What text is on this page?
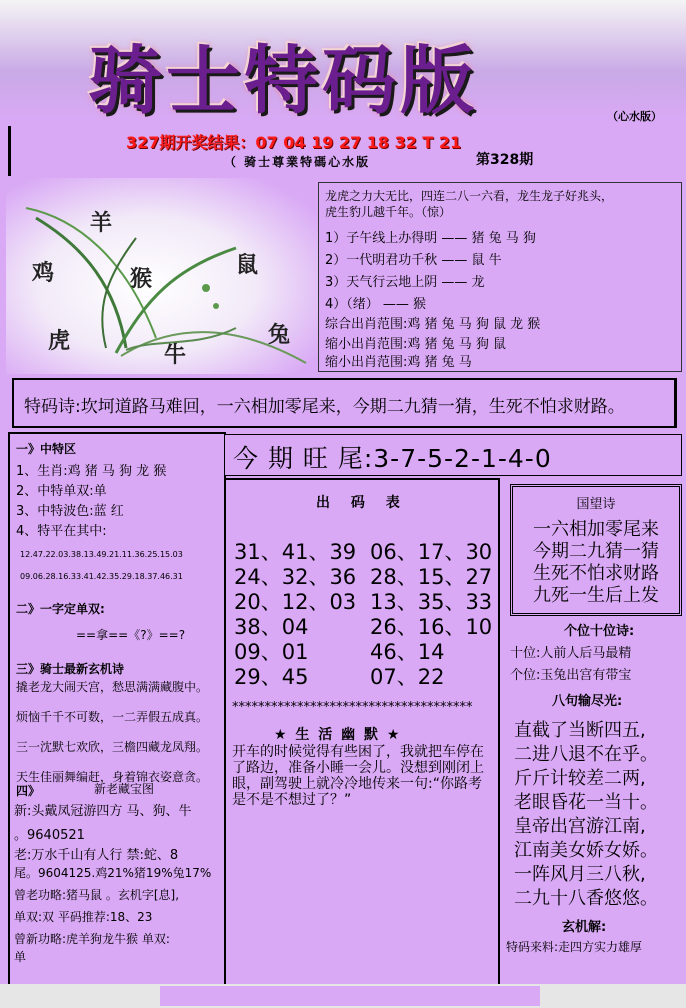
骑 士 特 码 版	（心水版）
327期开奖结果：07 04 19 27 18 32 T 21
（ 骑士尊業特碼心水版	第328期
羊
鸡	猴
鼠
虎
牛
兔
龙虎之力大无比，四连二八一六看，龙生龙子好兆头，
虎生豹儿越千年。（惊）
1）子午线上办得明 —— 猪 兔 马 狗
2）一代明君功千秋 —— 鼠 牛
3）天气行云地上阴 —— 龙
4）（绪） —— 猴
综合出肖范围:鸡 猪 兔 马 狗 鼠 龙 猴
缩小出肖范围:鸡 猪 兔 马 狗 鼠
缩小出肖范围:鸡 猪 兔 马
特码诗:坎坷道路马难回，一六相加零尾来，今期二九猜一猜，生死不怕求财路。
一》中特区
1、生肖:鸡 猪 马 狗 龙 猴
2、中特单双:单
3、中特波色:蓝 红
4、特平在其中:
12.47.22.03.38.13.49.21.11.36.25.15.03
09.06.28.16.33.41.42.35.29.18.37.46.31
二》一字定单双:
==拿==《?》==?
三》骑士最新玄机诗
撬老龙大闹天宫，愁思满满藏腹中。
烦恼千千不可数，一二弄假五成真。
三一沈默七欢欣，三檐四藏龙凤翔。
天生佳丽舞编赶，身着锦衣姿意贪。
四》	新老藏宝图
新:头戴凤冠游四方 马、狗、牛
。9640521
老:万水千山有人行 禁:蛇、8
尾。9604125.鸡21%猪19%兔17%
曾老功略:猪马鼠 。玄机字[息],
单双:双 平码推荐:18、23
曾新功略:虎羊狗龙牛猴 单双:
单
今 期 旺 尾:3-7-5-2-1-4-0
出 码 表
31、41、39 06、17、30
24、32、36 28、15、27
20、12、03 13、35、33
38、04	26、16、10
09、01	46、14
29、45	07、22
*************************************
★ 生 活 幽 默 ★
开车的时候觉得有些困了，我就把车停在了路边，准备小睡一会儿。没想到刚闭上眼，副驾驶上就冷冷地传来一句:“你路考是不是不想过了？”
国望诗
一六相加零尾来
今期二九猜一猜
生死不怕求财路
九死一生后上发
个位十位诗:
十位:人前人后马最精
个位:玉兔出宫有带宝
八句输尽光:
直截了当断四五,
二进八退不在乎。
斤斤计较差二两,
老眼昏花一当十。
皇帝出宫游江南,
江南美女娇女娇。
一阵风月三八秋,
二九十八香悠悠。
玄机解:
特码来料:走四方实力雄厚
